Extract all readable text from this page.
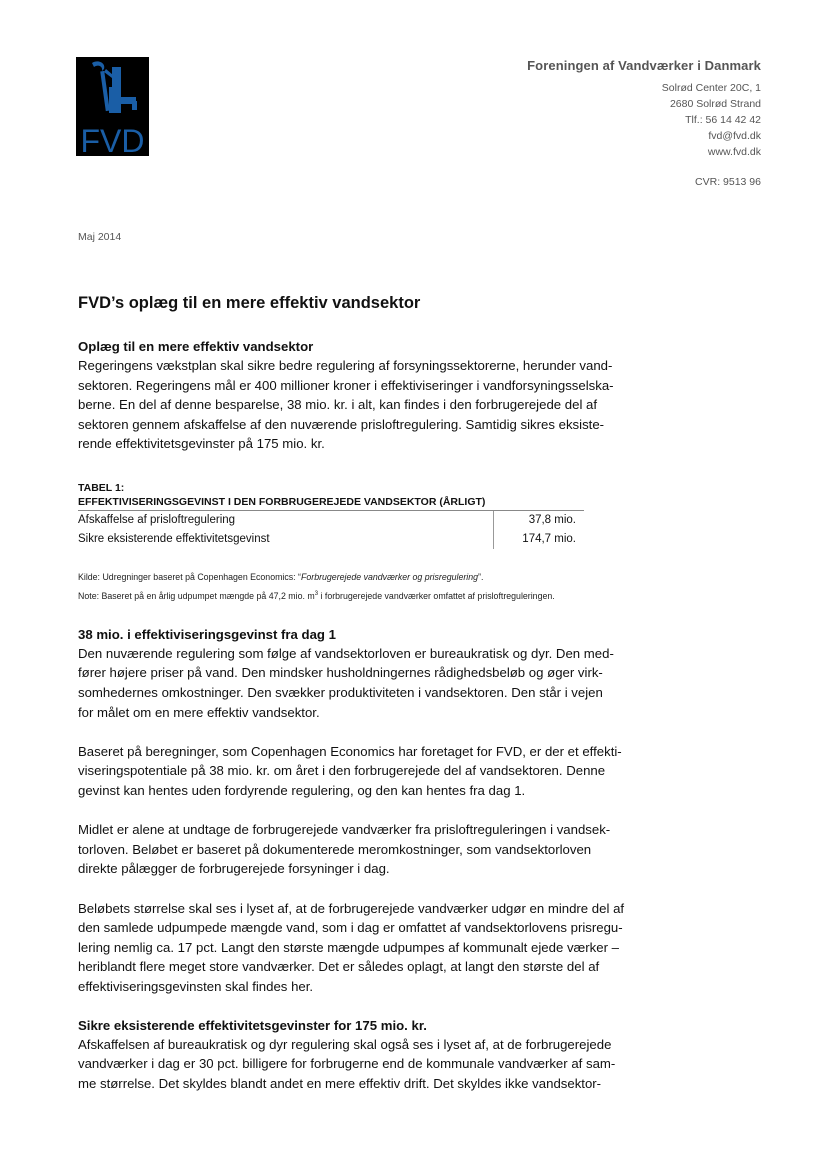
FVD
Foreningen af Vandværker i Danmark
Solrød Center 20C, 1
2680 Solrød Strand
Tlf.: 56 14 42 42
fvd@fvd.dk
www.fvd.dk
CVR: 9513 96
Maj 2014
FVD’s oplæg til en mere effektiv vandsektor
Oplæg til en mere effektiv vandsektor
Regeringens vækstplan skal sikre bedre regulering af forsyningssektorerne, herunder vand-
sektoren. Regeringens mål er 400 millioner kroner i effektiviseringer i vandforsyningsselska-
berne. En del af denne besparelse, 38 mio. kr. i alt, kan findes i den forbrugerejede del af
sektoren gennem afskaffelse af den nuværende prisloftregulering. Samtidig sikres eksiste-
rende effektivitetsgevinster på 175 mio. kr.
TABEL 1:
EFFEKTIVISERINGSGEVINST I DEN FORBRUGEREJEDE VANDSEKTOR (ÅRLIGT)
Afskaffelse af prisloftregulering	37,8 mio.
Sikre eksisterende effektivitetsgevinst	174,7 mio.
Kilde: Udregninger baseret på Copenhagen Economics: “Forbrugerejede vandværker og prisregulering”.
Note: Baseret på en årlig udpumpet mængde på 47,2 mio. $m^3$ i forbrugerejede vandværker omfattet af prisloftreguleringen.
38 mio. i effektiviseringsgevinst fra dag 1
Den nuværende regulering som følge af vandsektorloven er bureaukratisk og dyr. Den med-
fører højere priser på vand. Den mindsker husholdningernes rådighedsbeløb og øger virk-
somhedernes omkostninger. Den svækker produktiviteten i vandsektoren. Den står i vejen
for målet om en mere effektiv vandsektor.
Baseret på beregninger, som Copenhagen Economics har foretaget for FVD, er der et effekti-
viseringspotentiale på 38 mio. kr. om året i den forbrugerejede del af vandsektoren. Denne
gevinst kan hentes uden fordyrende regulering, og den kan hentes fra dag 1.
Midlet er alene at undtage de forbrugerejede vandværker fra prisloftreguleringen i vandsek-
torloven. Beløbet er baseret på dokumenterede meromkostninger, som vandsektorloven
direkte pålægger de forbrugerejede forsyninger i dag.
Beløbets størrelse skal ses i lyset af, at de forbrugerejede vandværker udgør en mindre del af
den samlede udpumpede mængde vand, som i dag er omfattet af vandsektorlovens prisregu-
lering nemlig ca. 17 pct. Langt den største mængde udpumpes af kommunalt ejede værker –
heriblandt flere meget store vandværker. Det er således oplagt, at langt den største del af
effektiviseringsgevinsten skal findes her.
Sikre eksisterende effektivitetsgevinster for 175 mio. kr.
Afskaffelsen af bureaukratisk og dyr regulering skal også ses i lyset af, at de forbrugerejede
vandværker i dag er 30 pct. billigere for forbrugerne end de kommunale vandværker af sam-
me størrelse. Det skyldes blandt andet en mere effektiv drift. Det skyldes ikke vandsektor-
